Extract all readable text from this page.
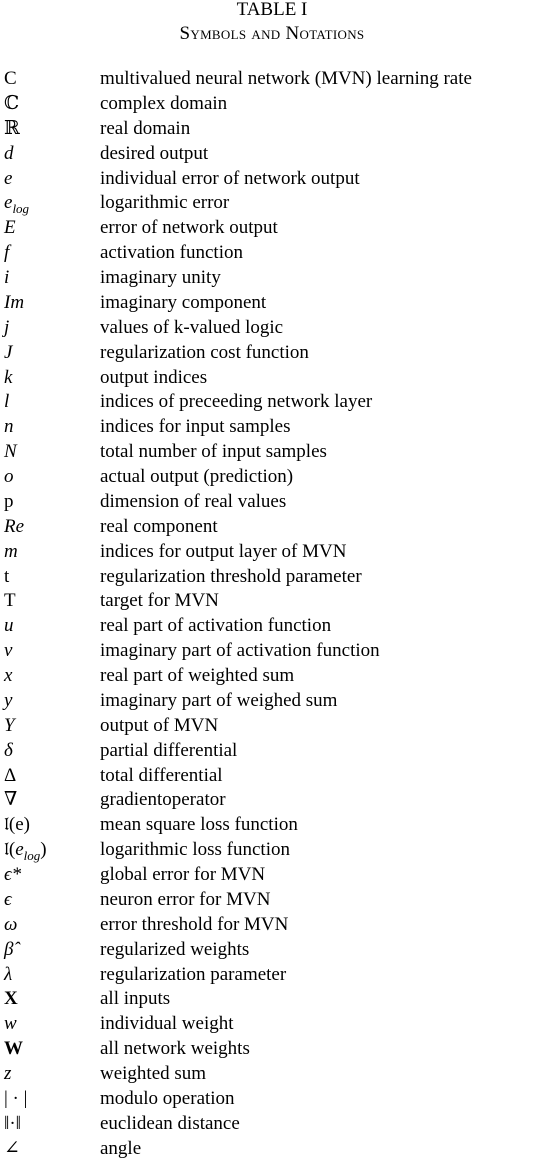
TABLE I
Symbols and Notations
C	multivalued neural network (MVN) learning rate
ℂ	complex domain
ℝ	real domain
d	desired output
e	individual error of network output
$e_{log}$	logarithmic error
E	error of network output
f	activation function
i	imaginary unity
Im	imaginary component
j	values of k-valued logic
J	regularization cost function
k	output indices
l	indices of preceeding network layer
n	indices for input samples
N	total number of input samples
o	actual output (prediction)
p	dimension of real values
Re	real component
m	indices for output layer of MVN
t	regularization threshold parameter
T	target for MVN
u	real part of activation function
v	imaginary part of activation function
x	real part of weighted sum
y	imaginary part of weighed sum
Y	output of MVN
δ	partial differential
Δ	total differential
∇	gradientoperator
𝔩(e)	mean square loss function
$𝔩(e_{log})$	logarithmic loss function
ϵ*	global error for MVN
ϵ	neuron error for MVN
ω	error threshold for MVN
β̂	regularized weights
λ	regularization parameter
X	all inputs
w	individual weight
W	all network weights
z	weighted sum
| · |	modulo operation
‖·‖	euclidean distance
∠	angle
